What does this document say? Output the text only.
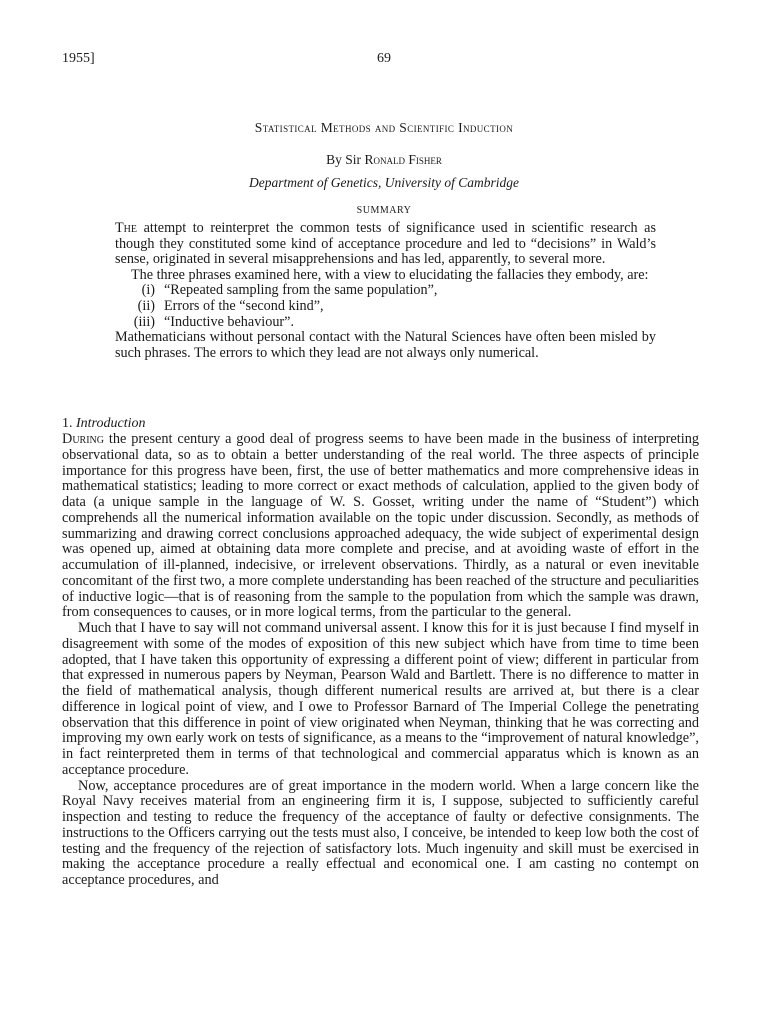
1955]	69
Statistical Methods and Scientific Induction
By Sir Ronald Fisher
Department of Genetics, University of Cambridge
SUMMARY

The attempt to reinterpret the common tests of significance used in scientific research as though they constituted some kind of acceptance procedure and led to “decisions” in Wald’s sense, originated in several misapprehensions and has led, apparently, to several more.

The three phrases examined here, with a view to elucidating the fallacies they embody, are:

(i) “Repeated sampling from the same population”,
(ii) Errors of the “second kind”,
(iii) “Inductive behaviour”.

Mathematicians without personal contact with the Natural Sciences have often been misled by such phrases. The errors to which they lead are not always only numerical.

1. Introduction

During the present century a good deal of progress seems to have been made in the business of interpreting observational data, so as to obtain a better understanding of the real world. The three aspects of principle importance for this progress have been, first, the use of better mathematics and more comprehensive ideas in mathematical statistics; leading to more correct or exact methods of calculation, applied to the given body of data (a unique sample in the language of W. S. Gosset, writing under the name of “Student”) which comprehends all the numerical information available on the topic under discussion. Secondly, as methods of summarizing and drawing correct conclusions approached adequacy, the wide subject of experimental design was opened up, aimed at obtaining data more complete and precise, and at avoiding waste of effort in the accumulation of ill-planned, indecisive, or irrelevent observations. Thirdly, as a natural or even inevitable concomitant of the first two, a more complete understanding has been reached of the structure and peculiarities of inductive logic—that is of reasoning from the sample to the population from which the sample was drawn, from consequences to causes, or in more logical terms, from the particular to the general.

Much that I have to say will not command universal assent. I know this for it is just because I find myself in disagreement with some of the modes of exposition of this new subject which have from time to time been adopted, that I have taken this opportunity of expressing a different point of view; different in particular from that expressed in numerous papers by Neyman, Pearson Wald and Bartlett. There is no difference to matter in the field of mathematical analysis, though different numerical results are arrived at, but there is a clear difference in logical point of view, and I owe to Professor Barnard of The Imperial College the penetrating observation that this difference in point of view originated when Neyman, thinking that he was correcting and improving my own early work on tests of significance, as a means to the “improvement of natural knowledge”, in fact reinterpreted them in terms of that technological and commercial apparatus which is known as an acceptance procedure.

Now, acceptance procedures are of great importance in the modern world. When a large concern like the Royal Navy receives material from an engineering firm it is, I suppose, subjected to sufficiently careful inspection and testing to reduce the frequency of the acceptance of faulty or defective consignments. The instructions to the Officers carrying out the tests must also, I conceive, be intended to keep low both the cost of testing and the frequency of the rejection of satisfactory lots. Much ingenuity and skill must be exercised in making the acceptance procedure a really effectual and economical one. I am casting no contempt on acceptance procedures, and
